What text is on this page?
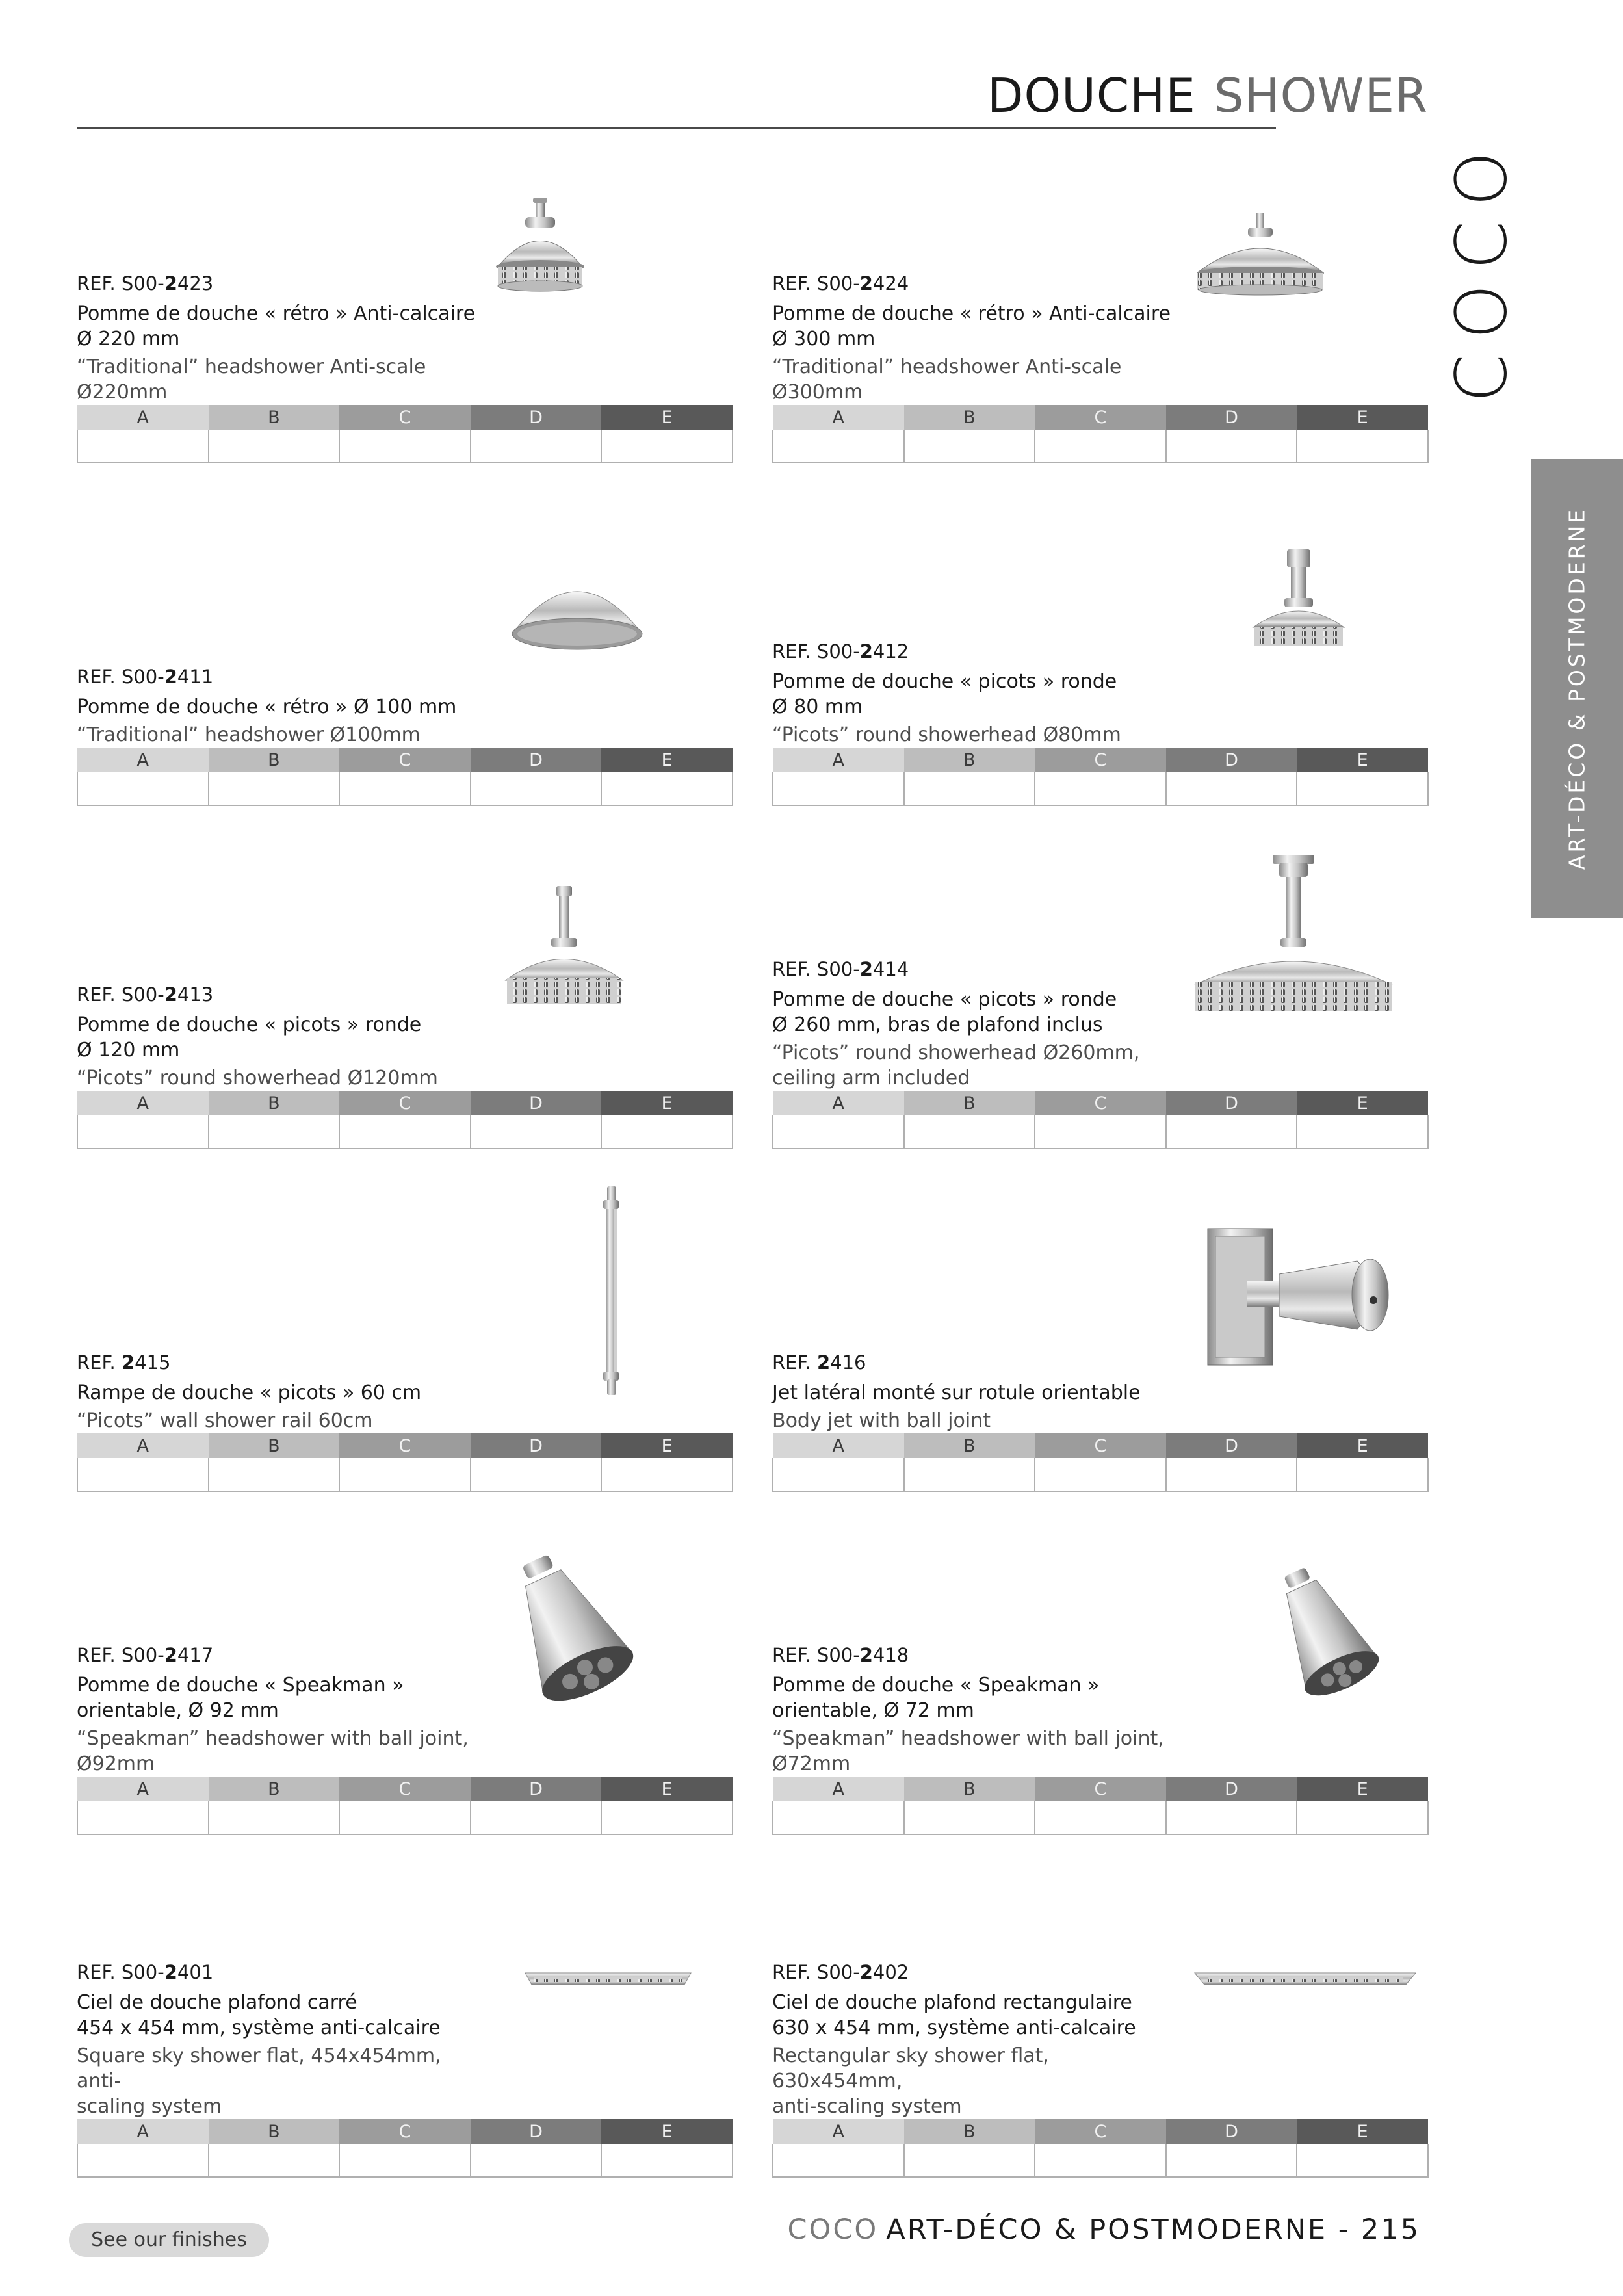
DOUCHE SHOWER
COCO
ART-DÉCO & POSTMODERNE
REF. S00-2423
Pomme de douche « rétro » Anti-calcaire
Ø 220 mm
“Traditional” headshower Anti-scale
Ø220mm
A	B	C	D	E

REF. S00-2424
Pomme de douche « rétro » Anti-calcaire
Ø 300 mm
“Traditional” headshower Anti-scale
Ø300mm
A	B	C	D	E

REF. S00-2411
Pomme de douche « rétro » Ø 100 mm
“Traditional” headshower Ø100mm
A	B	C	D	E

REF. S00-2412
Pomme de douche « picots » ronde
Ø 80 mm
“Picots” round showerhead Ø80mm
A	B	C	D	E

REF. S00-2413
Pomme de douche « picots » ronde
Ø 120 mm
“Picots” round showerhead Ø120mm
A	B	C	D	E

REF. S00-2414
Pomme de douche « picots » ronde
Ø 260 mm, bras de plafond inclus
“Picots” round showerhead Ø260mm,
ceiling arm included
A	B	C	D	E

REF. 2415
Rampe de douche « picots » 60 cm
“Picots” wall shower rail 60cm
A	B	C	D	E

REF. 2416
Jet latéral monté sur rotule orientable
Body jet with ball joint
A	B	C	D	E

REF. S00-2417
Pomme de douche « Speakman »
orientable, Ø 92 mm
“Speakman” headshower with ball joint,
Ø92mm
A	B	C	D	E

REF. S00-2418
Pomme de douche « Speakman »
orientable, Ø 72 mm
“Speakman” headshower with ball joint,
Ø72mm
A	B	C	D	E

REF. S00-2401
Ciel de douche plafond carré
454 x 454 mm, système anti-calcaire
Square sky shower flat, 454x454mm, anti-
scaling system
A	B	C	D	E

REF. S00-2402
Ciel de douche plafond rectangulaire
630 x 454 mm, système anti-calcaire
Rectangular sky shower flat, 630x454mm,
anti-scaling system
A	B	C	D	E

See our finishes	COCO ART-DÉCO & POSTMODERNE - 215
